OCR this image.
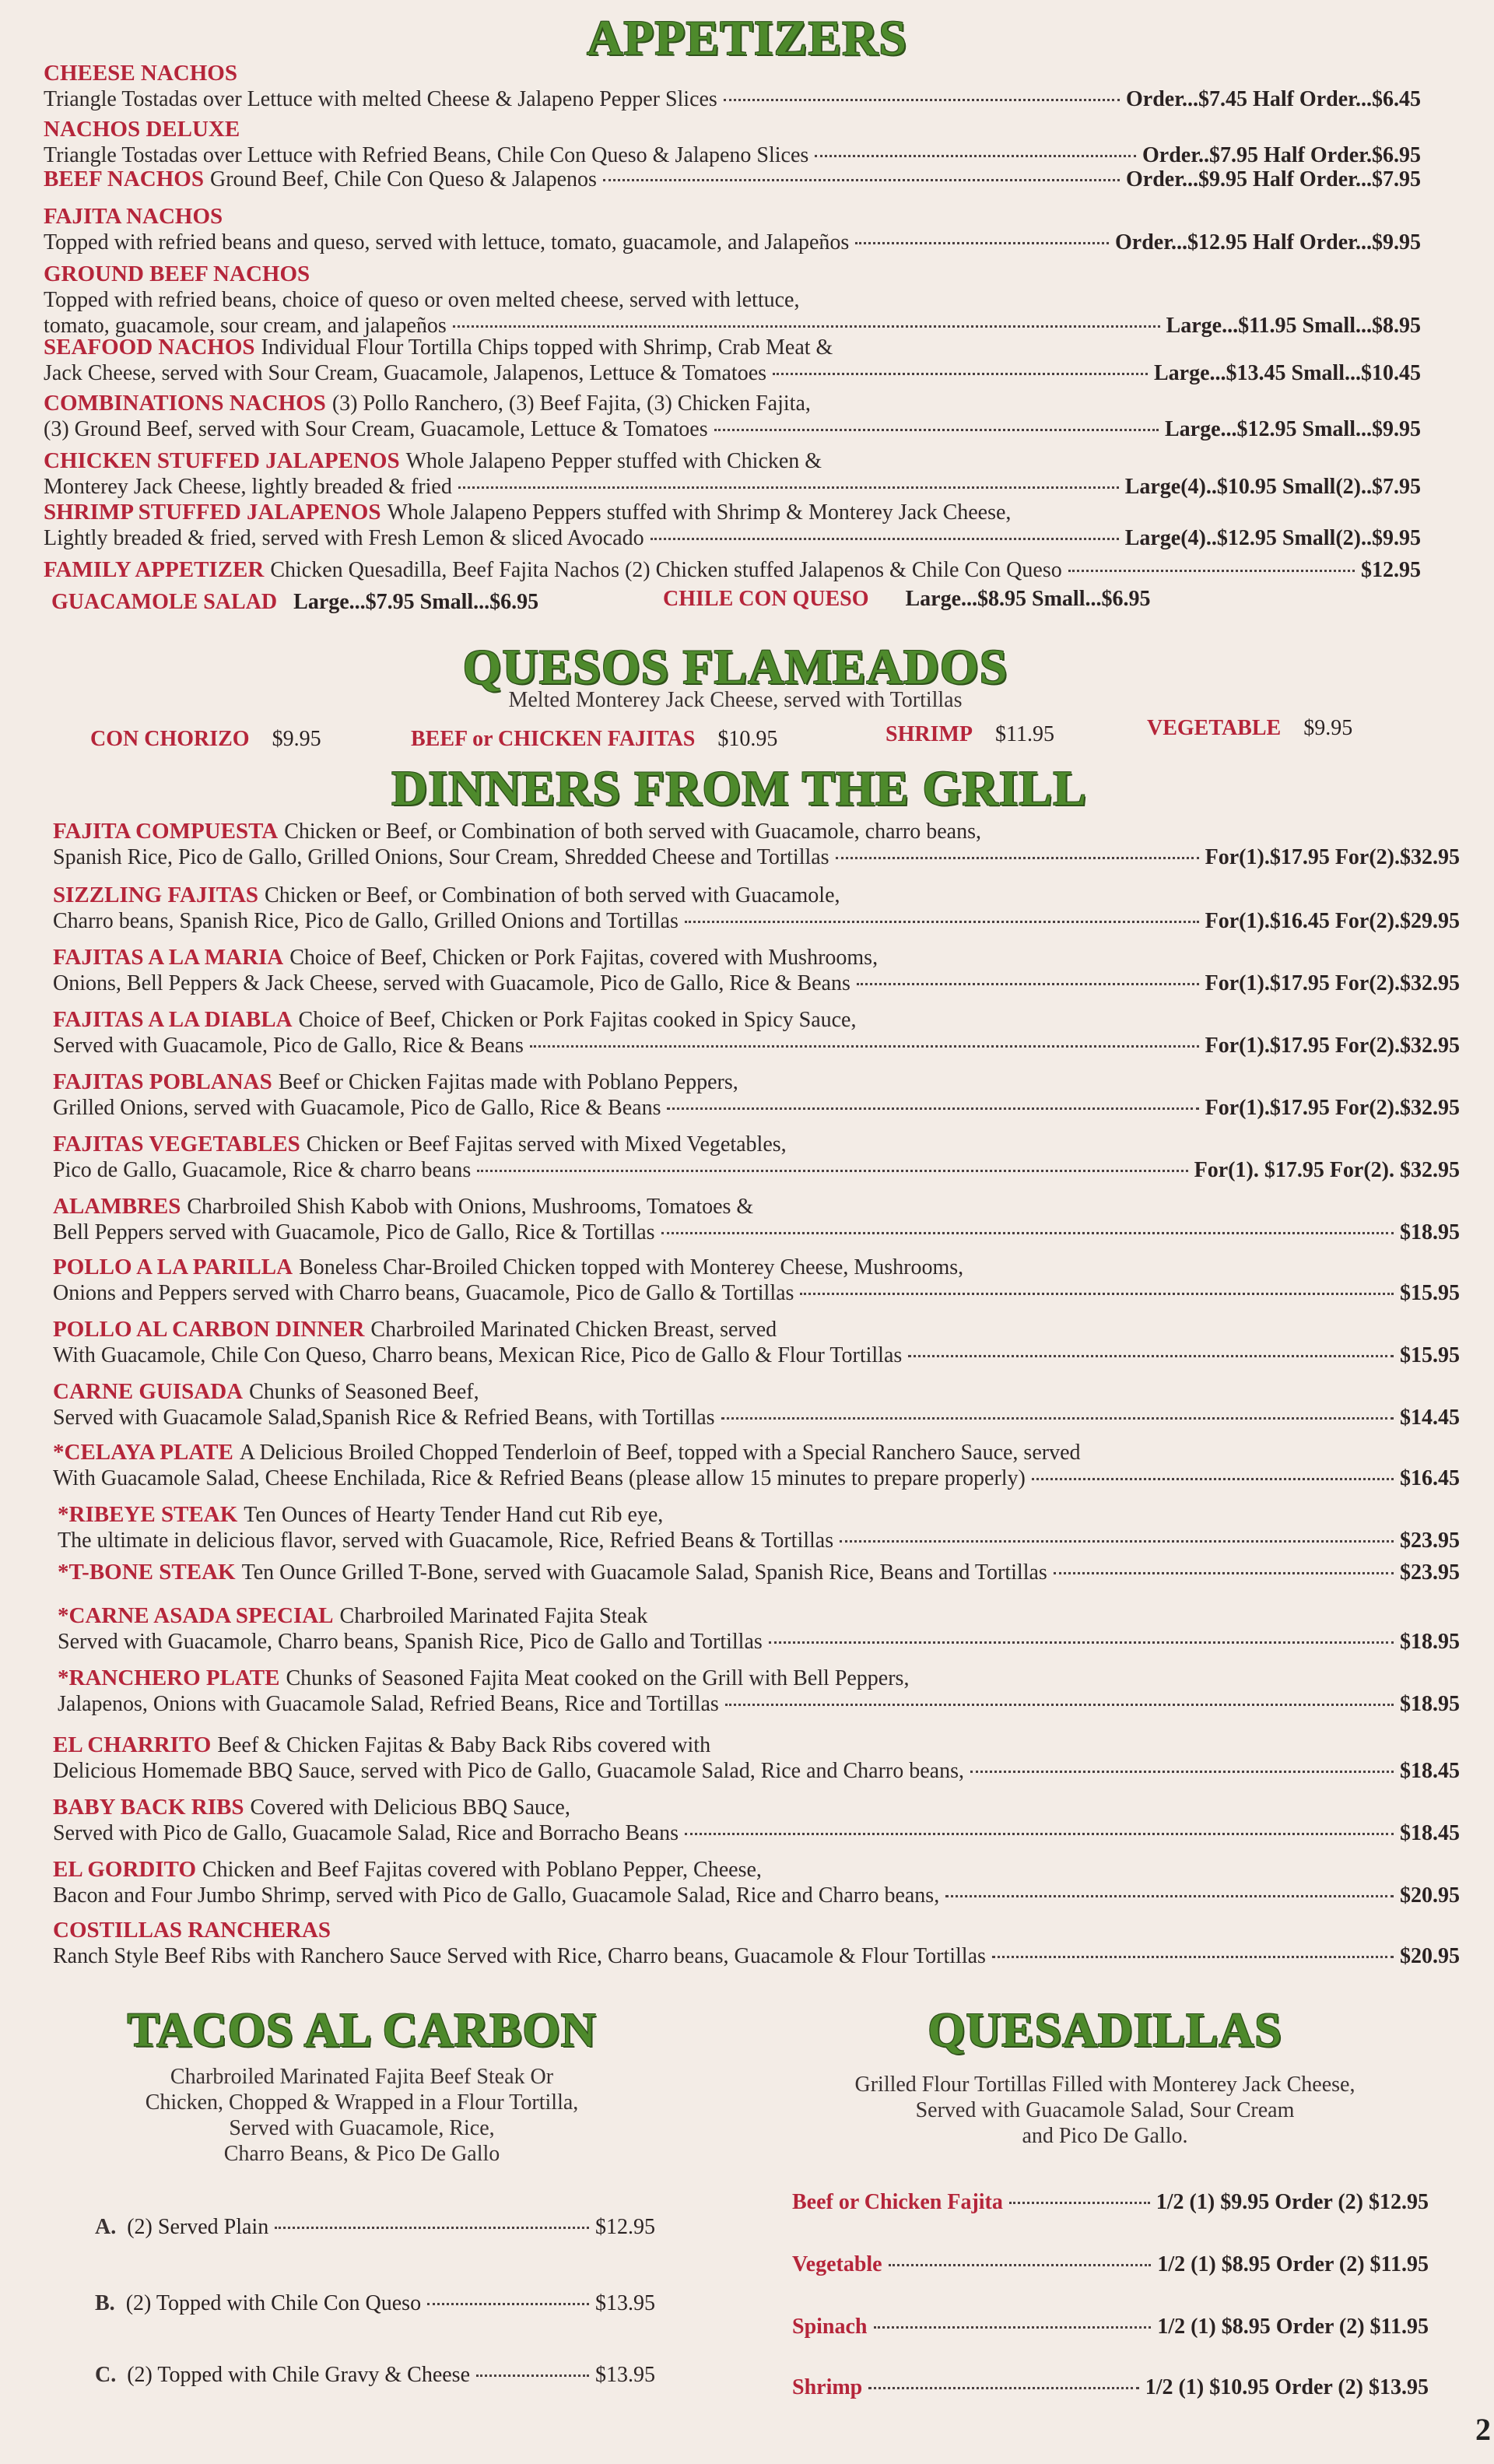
APPETIZERS
CHEESE NACHOS
Triangle Tostadas over Lettuce with melted Cheese & Jalapeno Pepper Slices	Order...$7.45 Half Order...$6.45
NACHOS DELUXE
Triangle Tostadas over Lettuce with Refried Beans, Chile Con Queso & Jalapeno Slices	Order..$7.95 Half Order.$6.95
BEEF NACHOS Ground Beef, Chile Con Queso & Jalapenos	Order...$9.95 Half Order...$7.95
FAJITA NACHOS
Topped with refried beans and queso, served with lettuce, tomato, guacamole, and Jalapeños	Order...$12.95 Half Order...$9.95
GROUND BEEF NACHOS
Topped with refried beans, choice of queso or oven melted cheese, served with lettuce,
tomato, guacamole, sour cream, and jalapeños	Large...$11.95 Small...$8.95
SEAFOOD NACHOS Individual Flour Tortilla Chips topped with Shrimp, Crab Meat &
Jack Cheese, served with Sour Cream, Guacamole, Jalapenos, Lettuce & Tomatoes	Large...$13.45 Small...$10.45
COMBINATIONS NACHOS (3) Pollo Ranchero, (3) Beef Fajita, (3) Chicken Fajita,
(3) Ground Beef, served with Sour Cream, Guacamole, Lettuce & Tomatoes	Large...$12.95 Small...$9.95
CHICKEN STUFFED JALAPENOS Whole Jalapeno Pepper stuffed with Chicken &
Monterey Jack Cheese, lightly breaded & fried	Large(4)..$10.95 Small(2)..$7.95
SHRIMP STUFFED JALAPENOS Whole Jalapeno Peppers stuffed with Shrimp & Monterey Jack Cheese,
Lightly breaded & fried, served with Fresh Lemon & sliced Avocado	Large(4)..$12.95 Small(2)..$9.95
FAMILY APPETIZER Chicken Quesadilla, Beef Fajita Nachos (2) Chicken stuffed Jalapenos & Chile Con Queso	$12.95
GUACAMOLE SALAD Large...$7.95 Small...$6.95	CHILE CON QUESO Large...$8.95 Small...$6.95
QUESOS FLAMEADOS
Melted Monterey Jack Cheese, served with Tortillas
CON CHORIZO $9.95	BEEF or CHICKEN FAJITAS $10.95	SHRIMP $11.95	VEGETABLE $9.95
DINNERS FROM THE GRILL
FAJITA COMPUESTA Chicken or Beef, or Combination of both served with Guacamole, charro beans,
Spanish Rice, Pico de Gallo, Grilled Onions, Sour Cream, Shredded Cheese and Tortillas	For(1).$17.95 For(2).$32.95
SIZZLING FAJITAS Chicken or Beef, or Combination of both served with Guacamole,
Charro beans, Spanish Rice, Pico de Gallo, Grilled Onions and Tortillas	For(1).$16.45 For(2).$29.95
FAJITAS A LA MARIA Choice of Beef, Chicken or Pork Fajitas, covered with Mushrooms,
Onions, Bell Peppers & Jack Cheese, served with Guacamole, Pico de Gallo, Rice & Beans	For(1).$17.95 For(2).$32.95
FAJITAS A LA DIABLA Choice of Beef, Chicken or Pork Fajitas cooked in Spicy Sauce,
Served with Guacamole, Pico de Gallo, Rice & Beans	For(1).$17.95 For(2).$32.95
FAJITAS POBLANAS Beef or Chicken Fajitas made with Poblano Peppers,
Grilled Onions, served with Guacamole, Pico de Gallo, Rice & Beans	For(1).$17.95 For(2).$32.95
FAJITAS VEGETABLES Chicken or Beef Fajitas served with Mixed Vegetables,
Pico de Gallo, Guacamole, Rice & charro beans	For(1). $17.95 For(2). $32.95
ALAMBRES Charbroiled Shish Kabob with Onions, Mushrooms, Tomatoes &
Bell Peppers served with Guacamole, Pico de Gallo, Rice & Tortillas	$18.95
POLLO A LA PARILLA Boneless Char-Broiled Chicken topped with Monterey Cheese, Mushrooms,
Onions and Peppers served with Charro beans, Guacamole, Pico de Gallo & Tortillas	$15.95
POLLO AL CARBON DINNER Charbroiled Marinated Chicken Breast, served
With Guacamole, Chile Con Queso, Charro beans, Mexican Rice, Pico de Gallo & Flour Tortillas	$15.95
CARNE GUISADA Chunks of Seasoned Beef,
Served with Guacamole Salad,Spanish Rice & Refried Beans, with Tortillas	$14.45
*CELAYA PLATE A Delicious Broiled Chopped Tenderloin of Beef, topped with a Special Ranchero Sauce, served
With Guacamole Salad, Cheese Enchilada, Rice & Refried Beans (please allow 15 minutes to prepare properly)	$16.45
*RIBEYE STEAK Ten Ounces of Hearty Tender Hand cut Rib eye,
The ultimate in delicious flavor, served with Guacamole, Rice, Refried Beans & Tortillas	$23.95
*T-BONE STEAK Ten Ounce Grilled T-Bone, served with Guacamole Salad, Spanish Rice, Beans and Tortillas	$23.95
*CARNE ASADA SPECIAL Charbroiled Marinated Fajita Steak
Served with Guacamole, Charro beans, Spanish Rice, Pico de Gallo and Tortillas	$18.95
*RANCHERO PLATE Chunks of Seasoned Fajita Meat cooked on the Grill with Bell Peppers,
Jalapenos, Onions with Guacamole Salad, Refried Beans, Rice and Tortillas	$18.95
EL CHARRITO Beef & Chicken Fajitas & Baby Back Ribs covered with
Delicious Homemade BBQ Sauce, served with Pico de Gallo, Guacamole Salad, Rice and Charro beans,	$18.45
BABY BACK RIBS Covered with Delicious BBQ Sauce,
Served with Pico de Gallo, Guacamole Salad, Rice and Borracho Beans	$18.45
EL GORDITO Chicken and Beef Fajitas covered with Poblano Pepper, Cheese,
Bacon and Four Jumbo Shrimp, served with Pico de Gallo, Guacamole Salad, Rice and Charro beans,	$20.95
COSTILLAS RANCHERAS
Ranch Style Beef Ribs with Ranchero Sauce Served with Rice, Charro beans, Guacamole & Flour Tortillas	$20.95
TACOS AL CARBON
Charbroiled Marinated Fajita Beef Steak Or
Chicken, Chopped & Wrapped in a Flour Tortilla,
Served with Guacamole, Rice,
Charro Beans, & Pico De Gallo
A. (2) Served Plain	$12.95
B. (2) Topped with Chile Con Queso	$13.95
C. (2) Topped with Chile Gravy & Cheese	$13.95
QUESADILLAS
Grilled Flour Tortillas Filled with Monterey Jack Cheese,
Served with Guacamole Salad, Sour Cream
and Pico De Gallo.
Beef or Chicken Fajita	1/2 (1) $9.95 Order (2) $12.95
Vegetable	1/2 (1) $8.95 Order (2) $11.95
Spinach	1/2 (1) $8.95 Order (2) $11.95
Shrimp	1/2 (1) $10.95 Order (2) $13.95
2
